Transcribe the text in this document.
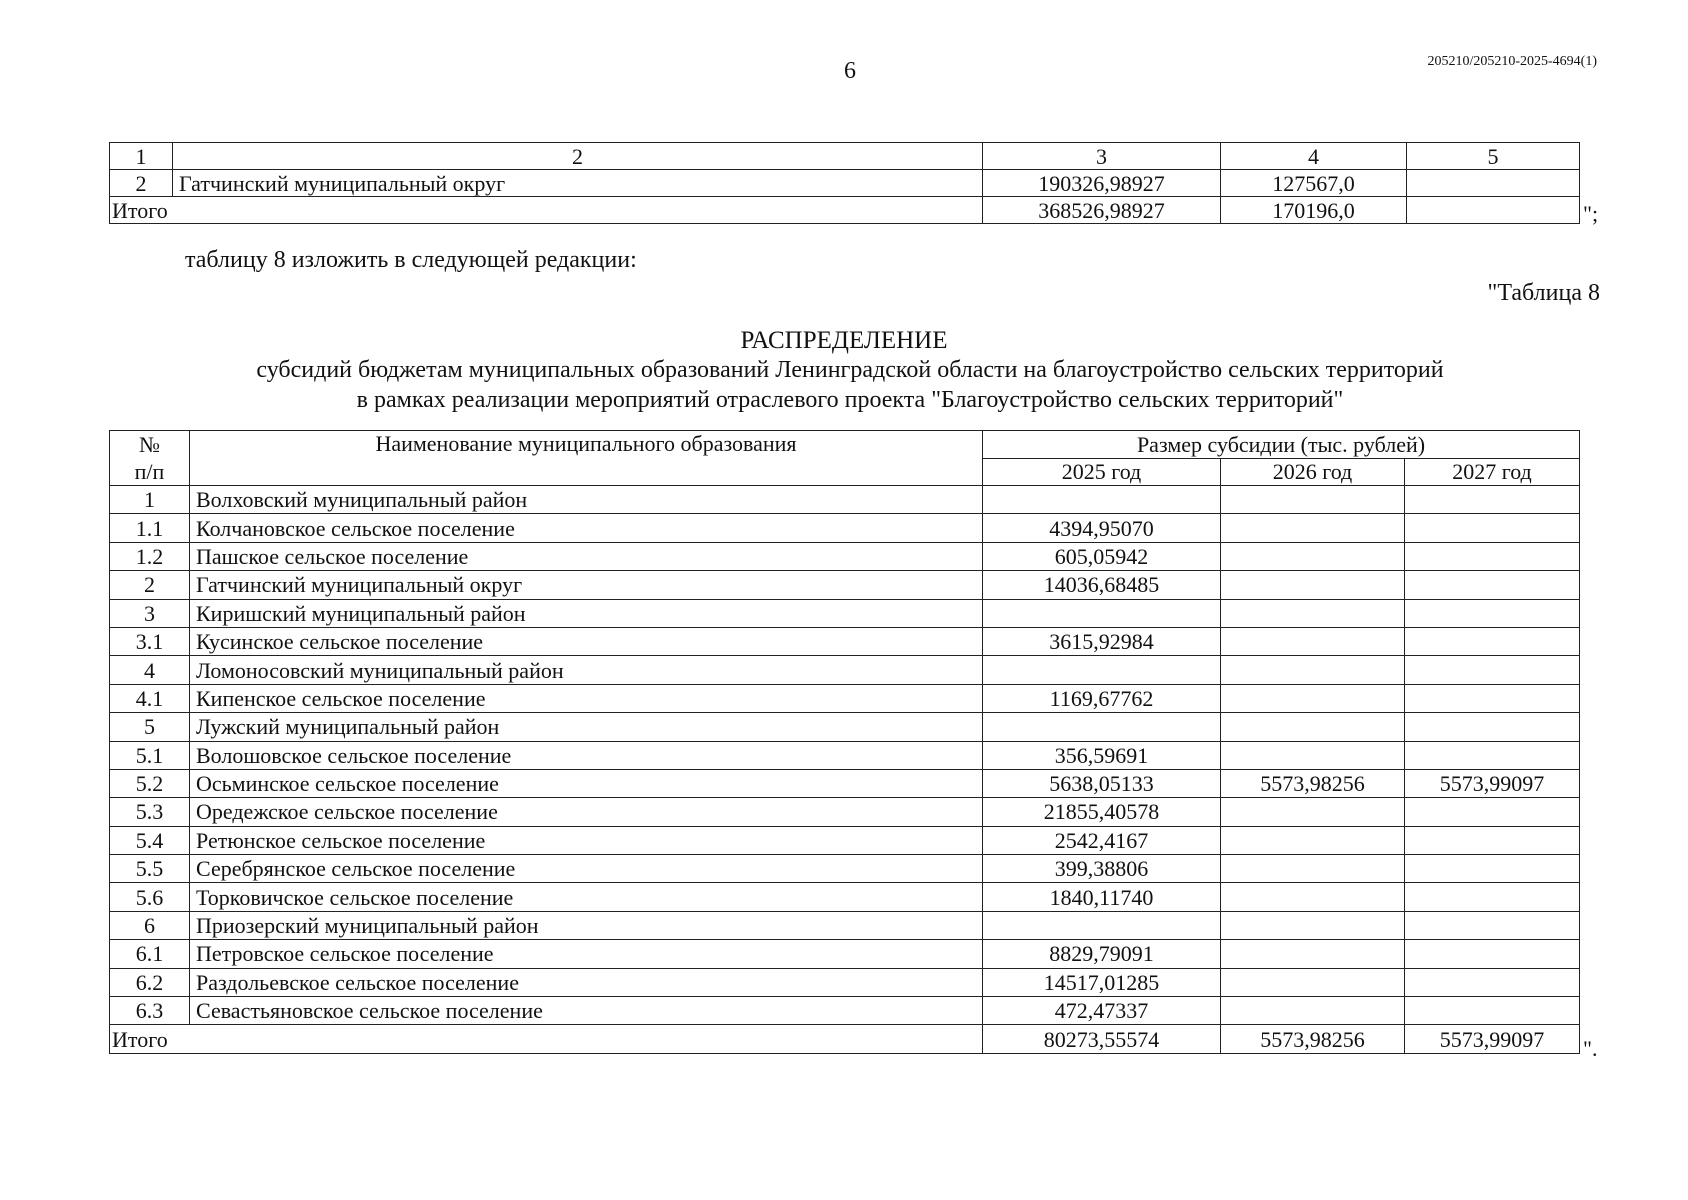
6	205210/205210-2025-4694(1)
1	2	3	4	5
2	Гатчинский муниципальный округ	190326,98927	127567,0	
Итого		368526,98927	170196,0		";
таблицу 8 изложить в следующей редакции:
"Таблица 8
РАСПРЕДЕЛЕНИЕ
субсидий бюджетам муниципальных образований Ленинградской области на благоустройство сельских территорий
в рамках реализации мероприятий отраслевого проекта "Благоустройство сельских территорий"
№
п/п	Наименование муниципального образования	Размер субсидии (тыс. рублей)		
		2025 год	2026 год	2027 год
1	Волховский муниципальный район			
1.1	Колчановское сельское поселение	4394,95070		
1.2	Пашское сельское поселение	605,05942		
2	Гатчинский муниципальный округ	14036,68485		
3	Киришский муниципальный район			
3.1	Кусинское сельское поселение	3615,92984		
4	Ломоносовский муниципальный район			
4.1	Кипенское сельское поселение	1169,67762		
5	Лужский муниципальный район			
5.1	Волошовское сельское поселение	356,59691		
5.2	Осьминское сельское поселение	5638,05133	5573,98256	5573,99097
5.3	Оредежское сельское поселение	21855,40578		
5.4	Ретюнское сельское поселение	2542,4167		
5.5	Серебрянское сельское поселение	399,38806		
5.6	Торковичское сельское поселение	1840,11740		
6	Приозерский муниципальный район			
6.1	Петровское сельское поселение	8829,79091		
6.2	Раздольевское сельское поселение	14517,01285		
6.3	Севастьяновское сельское поселение	472,47337		
Итого		80273,55574	5573,98256	5573,99097 ".
